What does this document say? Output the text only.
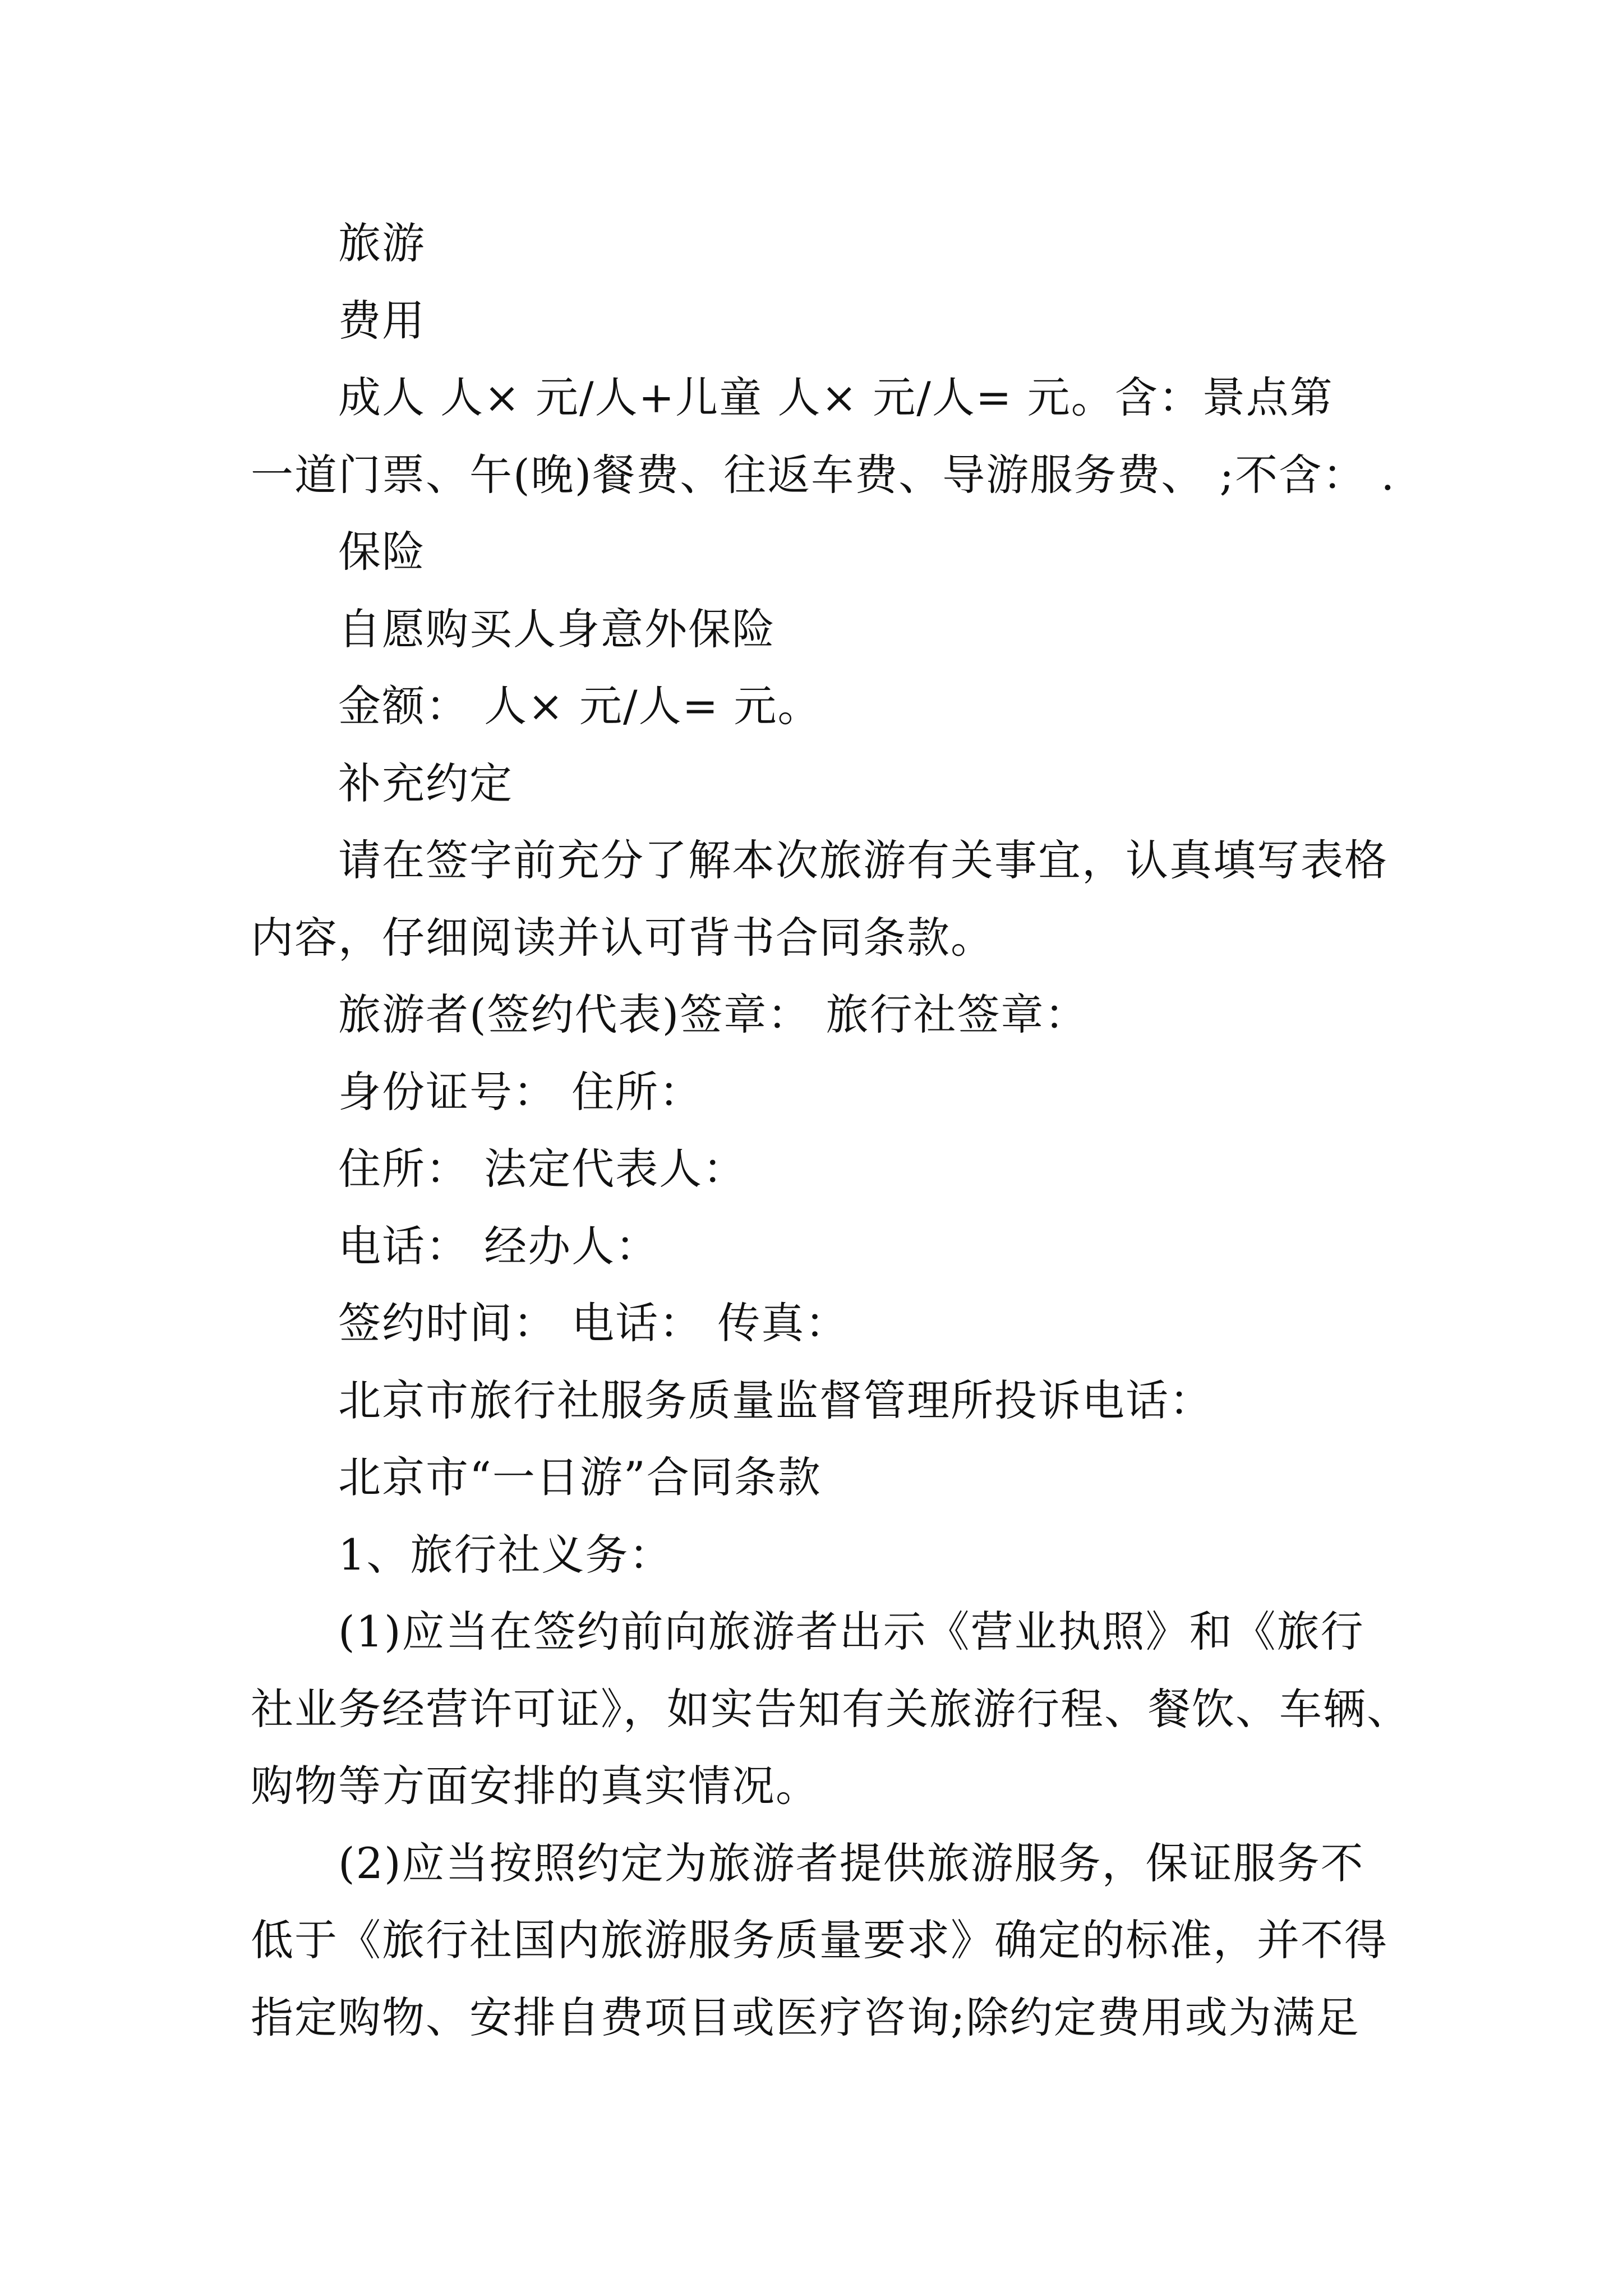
旅游
费用
成人 人× 元/人+儿童 人× 元/人= 元。含：景点第
一道门票、午(晚)餐费、往返车费、导游服务费、 ;不含： .
保险
自愿购买人身意外保险
金额： 人× 元/人= 元。
补充约定
请在签字前充分了解本次旅游有关事宜，认真填写表格
内容，仔细阅读并认可背书合同条款。
旅游者(签约代表)签章： 旅行社签章：
身份证号： 住所：
住所： 法定代表人：
电话： 经办人：
签约时间： 电话： 传真：
北京市旅行社服务质量监督管理所投诉电话：
北京市“一日游”合同条款
1、旅行社义务：
(1)应当在签约前向旅游者出示《营业执照》和《旅行
社业务经营许可证》，如实告知有关旅游行程、餐饮、车辆、
购物等方面安排的真实情况。
(2)应当按照约定为旅游者提供旅游服务，保证服务不
低于《旅行社国内旅游服务质量要求》确定的标准，并不得
指定购物、安排自费项目或医疗咨询;除约定费用或为满足
